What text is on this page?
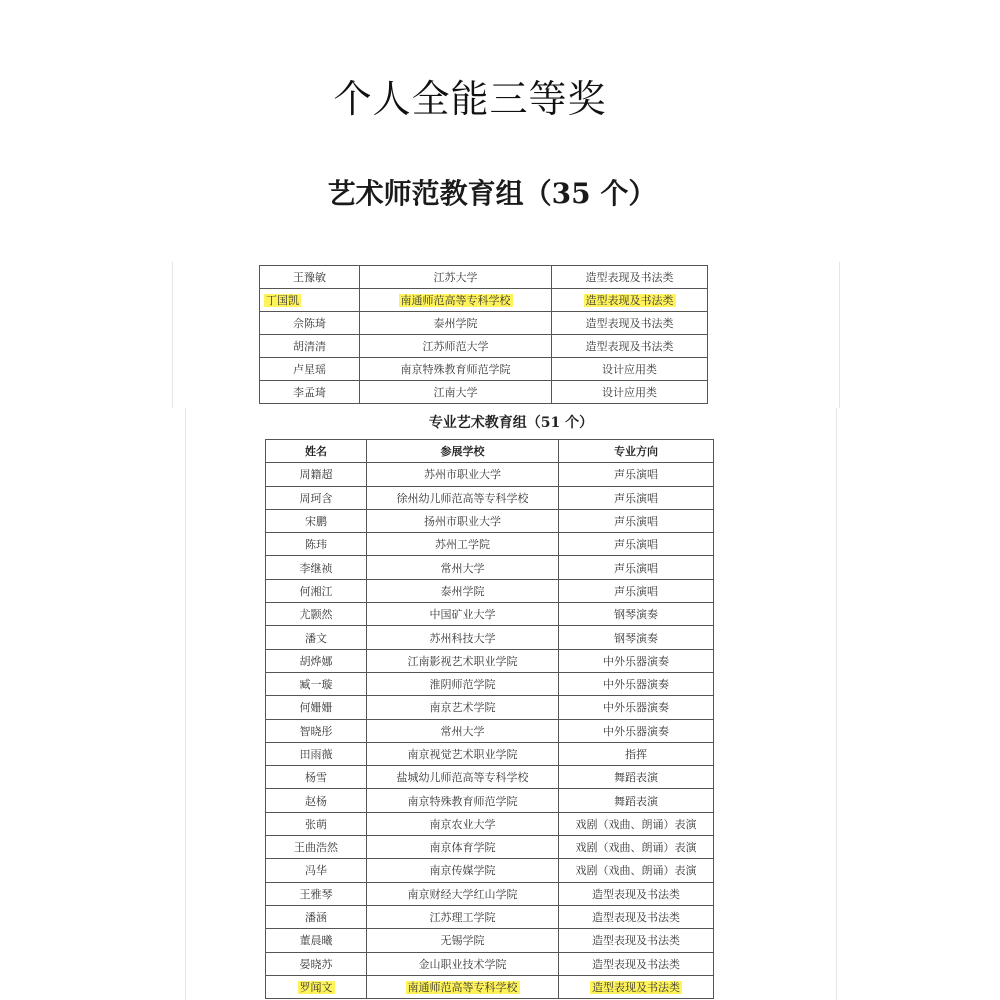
个人全能三等奖
艺术师范教育组（35 个）
王豫敏	江苏大学	造型表现及书法类
丁国凯	南通师范高等专科学校	造型表现及书法类
佘陈琦	泰州学院	造型表现及书法类
胡清清	江苏师范大学	造型表现及书法类
卢星瑶	南京特殊教育师范学院	设计应用类
李孟琦	江南大学	设计应用类
专业艺术教育组（51 个）
姓名	参展学校	专业方向
周籍超	苏州市职业大学	声乐演唱
周珂含	徐州幼儿师范高等专科学校	声乐演唱
宋鹏	扬州市职业大学	声乐演唱
陈玮	苏州工学院	声乐演唱
李继祯	常州大学	声乐演唱
何湘江	泰州学院	声乐演唱
尤颢然	中国矿业大学	钢琴演奏
潘文	苏州科技大学	钢琴演奏
胡烨娜	江南影视艺术职业学院	中外乐器演奏
臧一璇	淮阴师范学院	中外乐器演奏
何姗姗	南京艺术学院	中外乐器演奏
智晓彤	常州大学	中外乐器演奏
田雨薇	南京视觉艺术职业学院	指挥
杨雪	盐城幼儿师范高等专科学校	舞蹈表演
赵杨	南京特殊教育师范学院	舞蹈表演
张萌	南京农业大学	戏剧（戏曲、朗诵）表演
王曲浩然	南京体育学院	戏剧（戏曲、朗诵）表演
冯华	南京传媒学院	戏剧（戏曲、朗诵）表演
王雅琴	南京财经大学红山学院	造型表现及书法类
潘涵	江苏理工学院	造型表现及书法类
董晨曦	无锡学院	造型表现及书法类
晏晓苏	金山职业技术学院	造型表现及书法类
罗闻文	南通师范高等专科学校	造型表现及书法类
